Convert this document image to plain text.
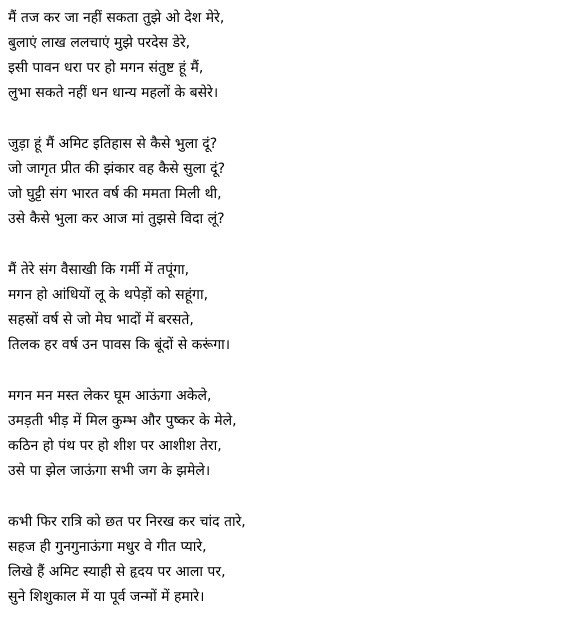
मैं तज कर जा नहीं सकता तुझे ओ देश मेरे,
बुलाएं लाख ललचाएं मुझे परदेस डेरे,
इसी पावन धरा पर हो मगन संतुष्ट हूं मैं,
लुभा सकते नहीं धन धान्य महलों के बसेरे।
जुड़ा हूं मैं अमिट इतिहास से कैसे भुला दूं?
जो जागृत प्रीत की झंकार वह कैसे सुला दूं?
जो घुट्टी संग भारत वर्ष की ममता मिली थी,
उसे कैसे भुला कर आज मां तुझसे विदा लूं?
मैं तेरे संग वैसाखी कि गर्मी में तपूंगा,
मगन हो आंधियों लू के थपेड़ों को सहूंगा,
सहस्रों वर्ष से जो मेघ भादों में बरसते,
तिलक हर वर्ष उन पावस कि बूंदों से करूंगा।
मगन मन मस्त लेकर घूम आऊंगा अकेले,
उमड़ती भीड़ में मिल कुम्भ और पुष्कर के मेले,
कठिन हो पंथ पर हो शीश पर आशीश तेरा,
उसे पा झेल जाऊंगा सभी जग के झमेले।
कभी फिर रात्रि को छत पर निरख कर चांद तारे,
सहज ही गुनगुनाऊंगा मधुर वे गीत प्यारे,
लिखे हैं अमिट स्याही से हृदय पर आला पर,
सुने शिशुकाल में या पूर्व जन्मों में हमारे।
